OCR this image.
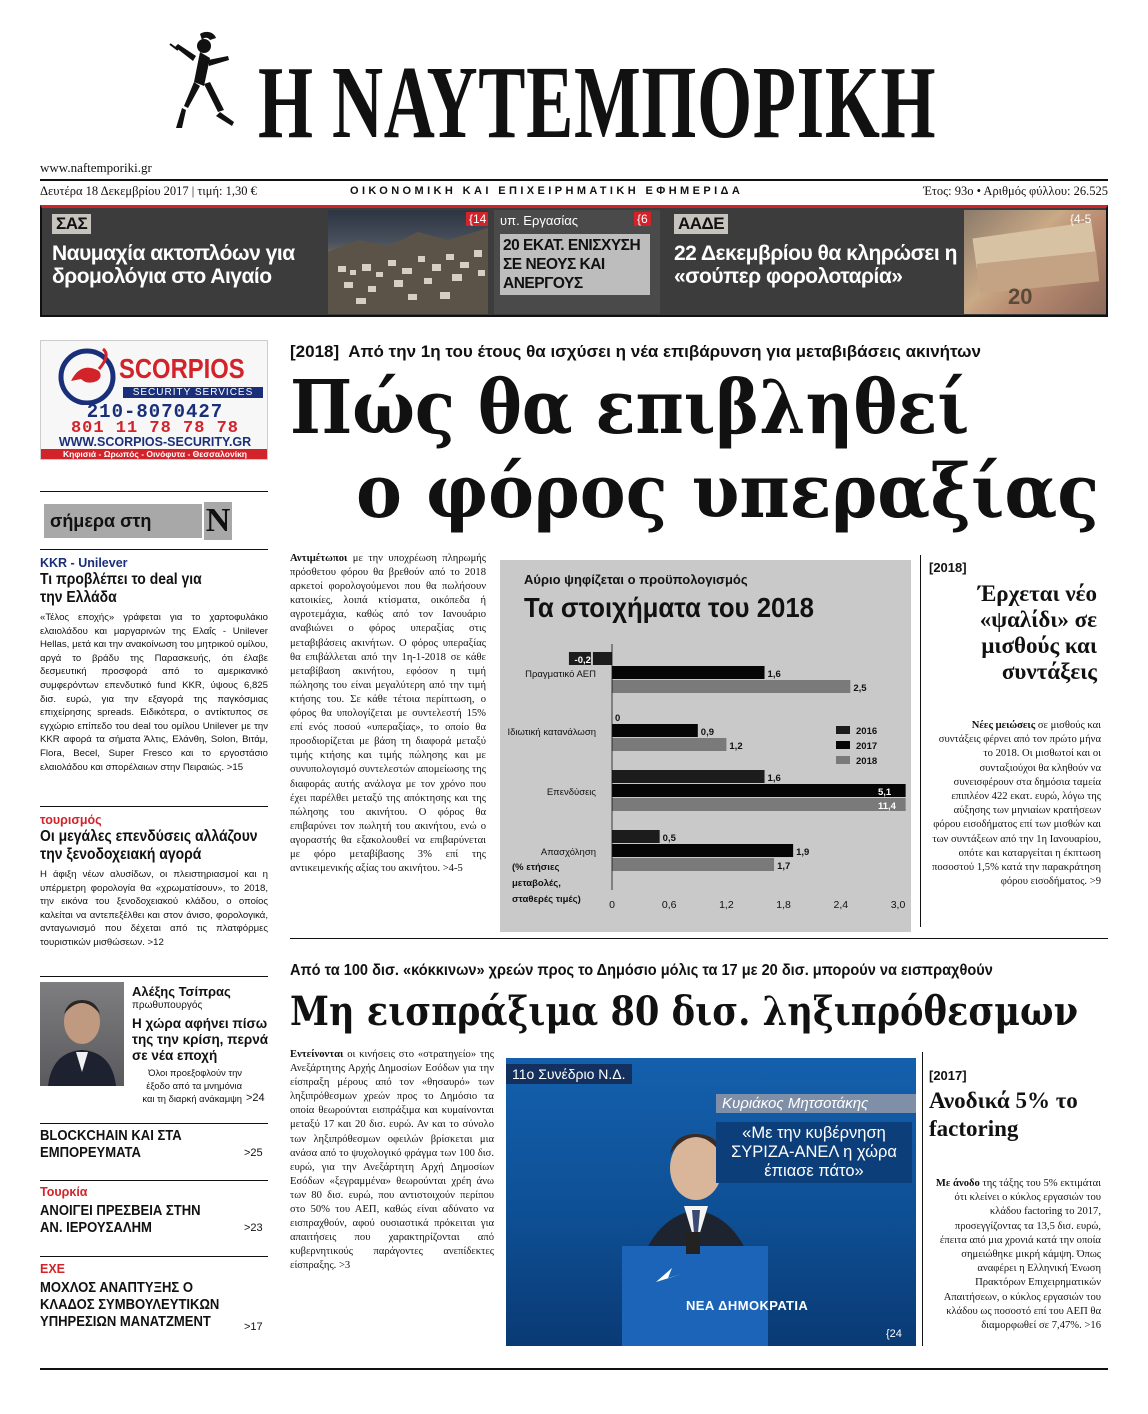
Η ΝΑΥΤΕΜΠΟΡΙΚΗ
www.naftemporiki.gr
Δευτέρα 18 Δεκεμβρίου 2017 | τιμή: 1,30 €	ΟΙΚΟΝΟΜΙΚΗ ΚΑΙ ΕΠΙΧΕΙΡΗΜΑΤΙΚΗ ΕΦΗΜΕΡΙΔΑ	Έτος: 93ο • Αριθμός φύλλου: 26.525
{14
ΣΑΣ
Ναυμαχία ακτοπλόων για δρομολόγια στο Αιγαίο
υπ. Εργασίας	{6
20 ΕΚΑΤ. ΕΝΙΣΧΥΣΗ ΣΕ ΝΕΟΥΣ ΚΑΙ ΑΝΕΡΓΟΥΣ
20
{4-5
ΑΑΔΕ
22 Δεκεμβρίου θα κληρώσει η «σούπερ φορολοταρία»
SCORPIOS
SECURITY SERVICES
210-8070427
801 11 78 78 78
WWW.SCORPIOS-SECURITY.GR
Κηφισιά - Ωρωπός - Οινόφυτα - Θεσσαλονίκη
σήμερα στη	N
KKR - Unilever
Τι προβλέπει το deal για την Ελλάδα
«Τέλος εποχής» γράφεται για το χαρτοφυλάκιο ελαιολάδου και μαργαρινών της Ελαΐς - Unilever Hellas, μετά και την ανακοίνωση του μητρικού ομίλου, αργά το βράδυ της Παρασκευής, ότι έλαβε δεσμευτική προσφορά από το αμερικανικό συμφερόντων επενδυτικό fund KKR, ύψους 6,825 δισ. ευρώ, για την εξαγορά της παγκόσμιας επιχείρησης spreads. Ειδικότερα, ο αντίκτυπος σε εγχώριο επίπεδο του deal του ομίλου Unilever με την KKR αφορά τα σήματα Άλτις, Ελάνθη, Solon, Βιτάμ, Flora, Becel, Super Fresco και το εργοστάσιο ελαιολάδου και σπορέλαιων στην Πειραιώς. >15
τουρισμός
Οι μεγάλες επενδύσεις αλλάζουν την ξενοδοχειακή αγορά
Η άφιξη νέων αλυσίδων, οι πλειστηριασμοί και η υπέρμετρη φορολογία θα «χρωματίσουν», το 2018, την εικόνα του ξενοδοχειακού κλάδου, ο οποίος καλείται να αντεπεξέλθει και στον άνισο, φορολογικά, ανταγωνισμό που δέχεται από τις πλατφόρμες τουριστικών μισθώσεων. >12
Αλέξης Τσίπρας
πρωθυπουργός
Η χώρα αφήνει πίσω της την κρίση, περνά σε νέα εποχή
Όλοι προεξοφλούν την έξοδο από τα μνημόνια και τη διαρκή ανάκαμψη >24
BLOCKCHAIN ΚΑΙ ΣΤΑ ΕΜΠΟΡΕΥΜΑΤΑ	>25
Τουρκία
ΑΝΟΙΓΕΙ ΠΡΕΣΒΕΙΑ ΣΤΗΝ ΑΝ. ΙΕΡΟΥΣΑΛΗΜ	>23
ΕΧΕ
ΜΟΧΛΟΣ ΑΝΑΠΤΥΞΗΣ Ο ΚΛΑΔΟΣ ΣΥΜΒΟΥΛΕΥΤΙΚΩΝ ΥΠΗΡΕΣΙΩΝ ΜΑΝΑΤΖΜΕΝΤ	>17
[2018] Από την 1η του έτους θα ισχύσει η νέα επιβάρυνση για μεταβιβάσεις ακινήτων
Πώς θα επιβληθεί
ο φόρος υπεραξίας
Αντιμέτωποι με την υποχρέωση πληρωμής πρόσθετου φόρου θα βρεθούν από το 2018 αρκετοί φορολογούμενοι που θα πωλήσουν κατοικίες, λοιπά κτίσματα, οικόπεδα ή αγροτεμάχια, καθώς από τον Ιανουάριο αναβιώνει ο φόρος υπεραξίας στις μεταβιβάσεις ακινήτων. Ο φόρος υπεραξίας θα επιβάλλεται από την 1η-1-2018 σε κάθε μεταβίβαση ακινήτου, εφόσον η τιμή πώλησης του είναι μεγαλύτερη από την τιμή κτήσης του. Σε κάθε τέτοια περίπτωση, ο φόρος θα υπολογίζεται με συντελεστή 15% επί ενός ποσού «υπεραξίας», το οποίο θα προσδιορίζεται με βάση τη διαφορά μεταξύ τιμής κτήσης και τιμής πώλησης και με συνυπολογισμό συντελεστών απομείωσης της διαφοράς αυτής ανάλογα με τον χρόνο που έχει παρέλθει μεταξύ της απόκτησης και της πώλησης του ακινήτου. Ο φόρος θα επιβαρύνει τον πωλητή του ακινήτου, ενώ ο αγοραστής θα εξακολουθεί να επιβαρύνεται με φόρο μεταβίβασης 3% επί της αντικειμενικής αξίας του ακινήτου. >4-5
Αύριο ψηφίζεται ο προϋπολογισμός
Τα στοιχήματα του 2018
(% ετήσιες μεταβολές, σταθερές τιμές)
Πραγματικό ΑΕΠ
-0,2
1,6
2,5
Ιδιωτική κατανάλωση
0
0,9
1,2
Επενδύσεις
1,6
5,1
11,4
Απασχόληση
0,5
1,9
1,7
0	0,6	1,2	1,8	2,4	3,0
2016
2017
2018
[2018]
Έρχεται νέο «ψαλίδι» σε μισθούς και συντάξεις
Νέες μειώσεις σε μισθούς και συντάξεις φέρνει από τον πρώτο μήνα το 2018. Οι μισθωτοί και οι συνταξιούχοι θα κληθούν να συνεισφέρουν στα δημόσια ταμεία επιπλέον 422 εκατ. ευρώ, λόγω της αύξησης των μηνιαίων κρατήσεων φόρου εισοδήματος επί των μισθών και των συντάξεων από την 1η Ιανουαρίου, οπότε και καταργείται η έκπτωση ποσοστού 1,5% κατά την παρακράτηση φόρου εισοδήματος. >9
Από τα 100 δισ. «κόκκινων» χρεών προς το Δημόσιο μόλις τα 17 με 20 δισ. μπορούν να εισπραχθούν
Μη εισπράξιμα 80 δισ. ληξιπρόθεσμων
Εντείνονται οι κινήσεις στο «στρατηγείο» της Ανεξάρτητης Αρχής Δημοσίων Εσόδων για την είσπραξη μέρους από τον «θησαυρό» των ληξιπρόθεσμων χρεών προς το Δημόσιο τα οποία θεωρούνται εισπράξιμα και κυμαίνονται μεταξύ 17 και 20 δισ. ευρώ. Αν και το σύνολο των ληξιπρόθεσμων οφειλών βρίσκεται μια ανάσα από το ψυχολογικό φράγμα των 100 δισ. ευρώ, για την Ανεξάρτητη Αρχή Δημοσίων Εσόδων «ξεγραμμένα» θεωρούνται χρέη άνω των 80 δισ. ευρώ, που αντιστοιχούν περίπου στο 50% του ΑΕΠ, καθώς είναι αδύνατο να εισπραχθούν, αφού ουσιαστικά πρόκειται για απαιτήσεις που χαρακτηρίζονται από κυβερνητικούς παράγοντες ανεπίδεκτες είσπραξης. >3
11ο Συνέδριο Ν.Δ.
Κυριάκος Μητσοτάκης
«Με την κυβέρνηση ΣΥΡΙΖΑ-ΑΝΕΛ η χώρα έπιασε πάτο»
ΝΕΑ ΔΗΜΟΚΡΑΤΙΑ
{24
[2017]
Ανοδικά 5% το factoring
Με άνοδο της τάξης του 5% εκτιμάται ότι κλείνει ο κύκλος εργασιών του κλάδου factoring το 2017, προσεγγίζοντας τα 13,5 δισ. ευρώ, έπειτα από μια χρονιά κατά την οποία σημειώθηκε μικρή κάμψη. Όπως αναφέρει η Ελληνική Ένωση Πρακτόρων Επιχειρηματικών Απαιτήσεων, ο κύκλος εργασιών του κλάδου ως ποσοστό επί του ΑΕΠ θα διαμορφωθεί σε 7,47%. >16
